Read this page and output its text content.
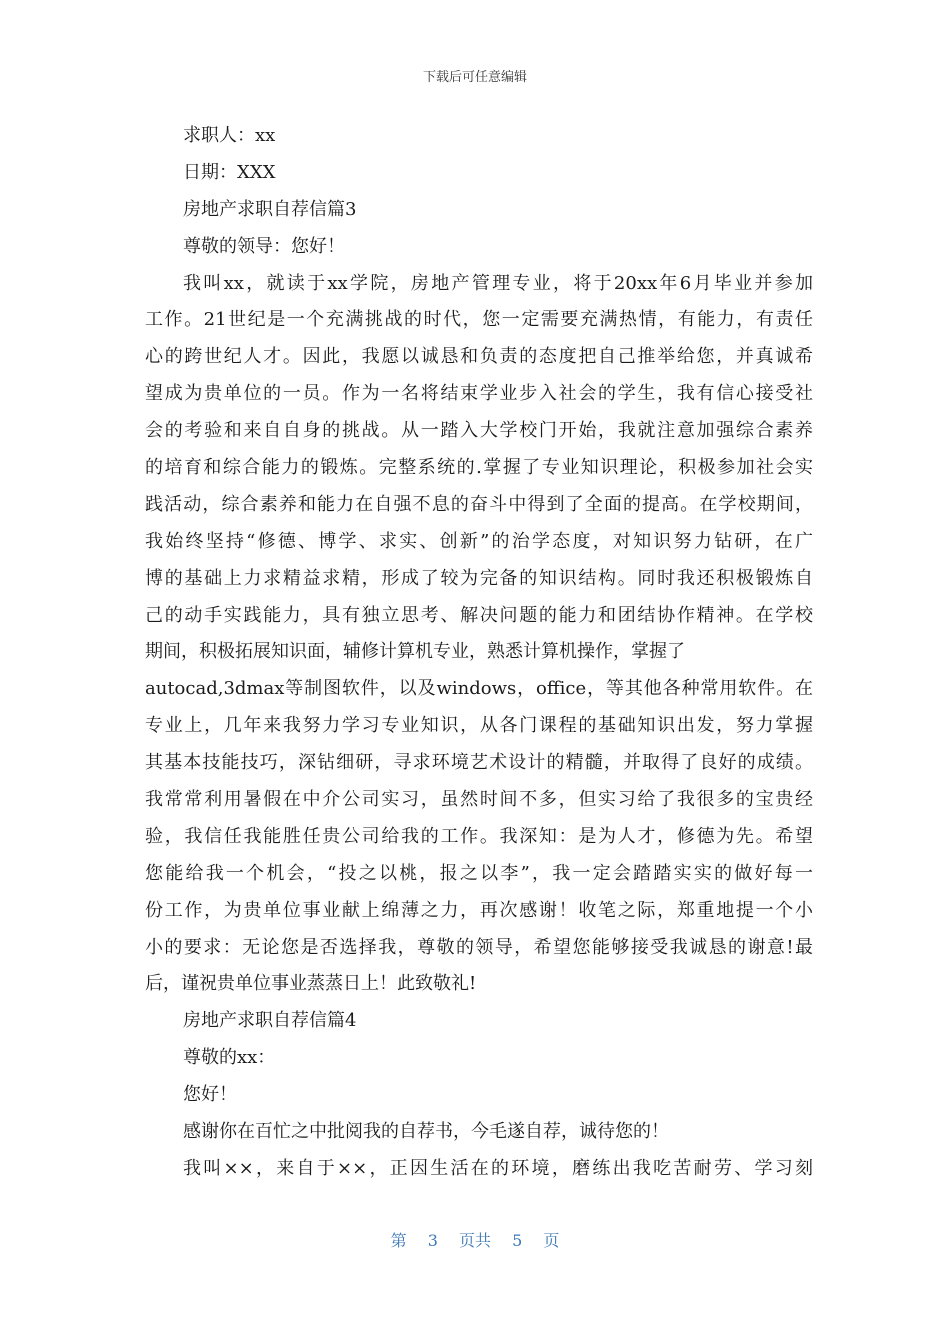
下载后可任意编辑
求职人：xx
日期：XXX
房地产求职自荐信篇3
尊敬的领导：您好！
我叫xx，就读于xx学院，房地产管理专业，将于20xx年6月毕业并参加
工作。21世纪是一个充满挑战的时代，您一定需要充满热情，有能力，有责任
心的跨世纪人才。因此，我愿以诚恳和负责的态度把自己推举给您，并真诚希
望成为贵单位的一员。作为一名将结束学业步入社会的学生，我有信心接受社
会的考验和来自自身的挑战。从一踏入大学校门开始，我就注意加强综合素养
的培育和综合能力的锻炼。完整系统的.掌握了专业知识理论，积极参加社会实
践活动，综合素养和能力在自强不息的奋斗中得到了全面的提高。在学校期间，
我始终坚持“修德、博学、求实、创新”的治学态度，对知识努力钻研，在广
博的基础上力求精益求精，形成了较为完备的知识结构。同时我还积极锻炼自
己的动手实践能力，具有独立思考、解决问题的能力和团结协作精神。在学校
期间，积极拓展知识面，辅修计算机专业，熟悉计算机操作，掌握了
autocad,3dmax等制图软件，以及windows，office，等其他各种常用软件。在
专业上，几年来我努力学习专业知识，从各门课程的基础知识出发，努力掌握
其基本技能技巧，深钻细研，寻求环境艺术设计的精髓，并取得了良好的成绩。
我常常利用暑假在中介公司实习，虽然时间不多，但实习给了我很多的宝贵经
验，我信任我能胜任贵公司给我的工作。我深知：是为人才，修德为先。希望
您能给我一个机会，“投之以桃，报之以李”，我一定会踏踏实实的做好每一
份工作，为贵单位事业献上绵薄之力，再次感谢！收笔之际，郑重地提一个小
小的要求：无论您是否选择我，尊敬的领导，希望您能够接受我诚恳的谢意!最
后，谨祝贵单位事业蒸蒸日上！此致敬礼!
房地产求职自荐信篇4
尊敬的xx：
您好！
感谢你在百忙之中批阅我的自荐书，今毛遂自荐，诚待您的！
我叫××，来自于××，正因生活在的环境，磨练出我吃苦耐劳、学习刻
第 3 页共 5 页
